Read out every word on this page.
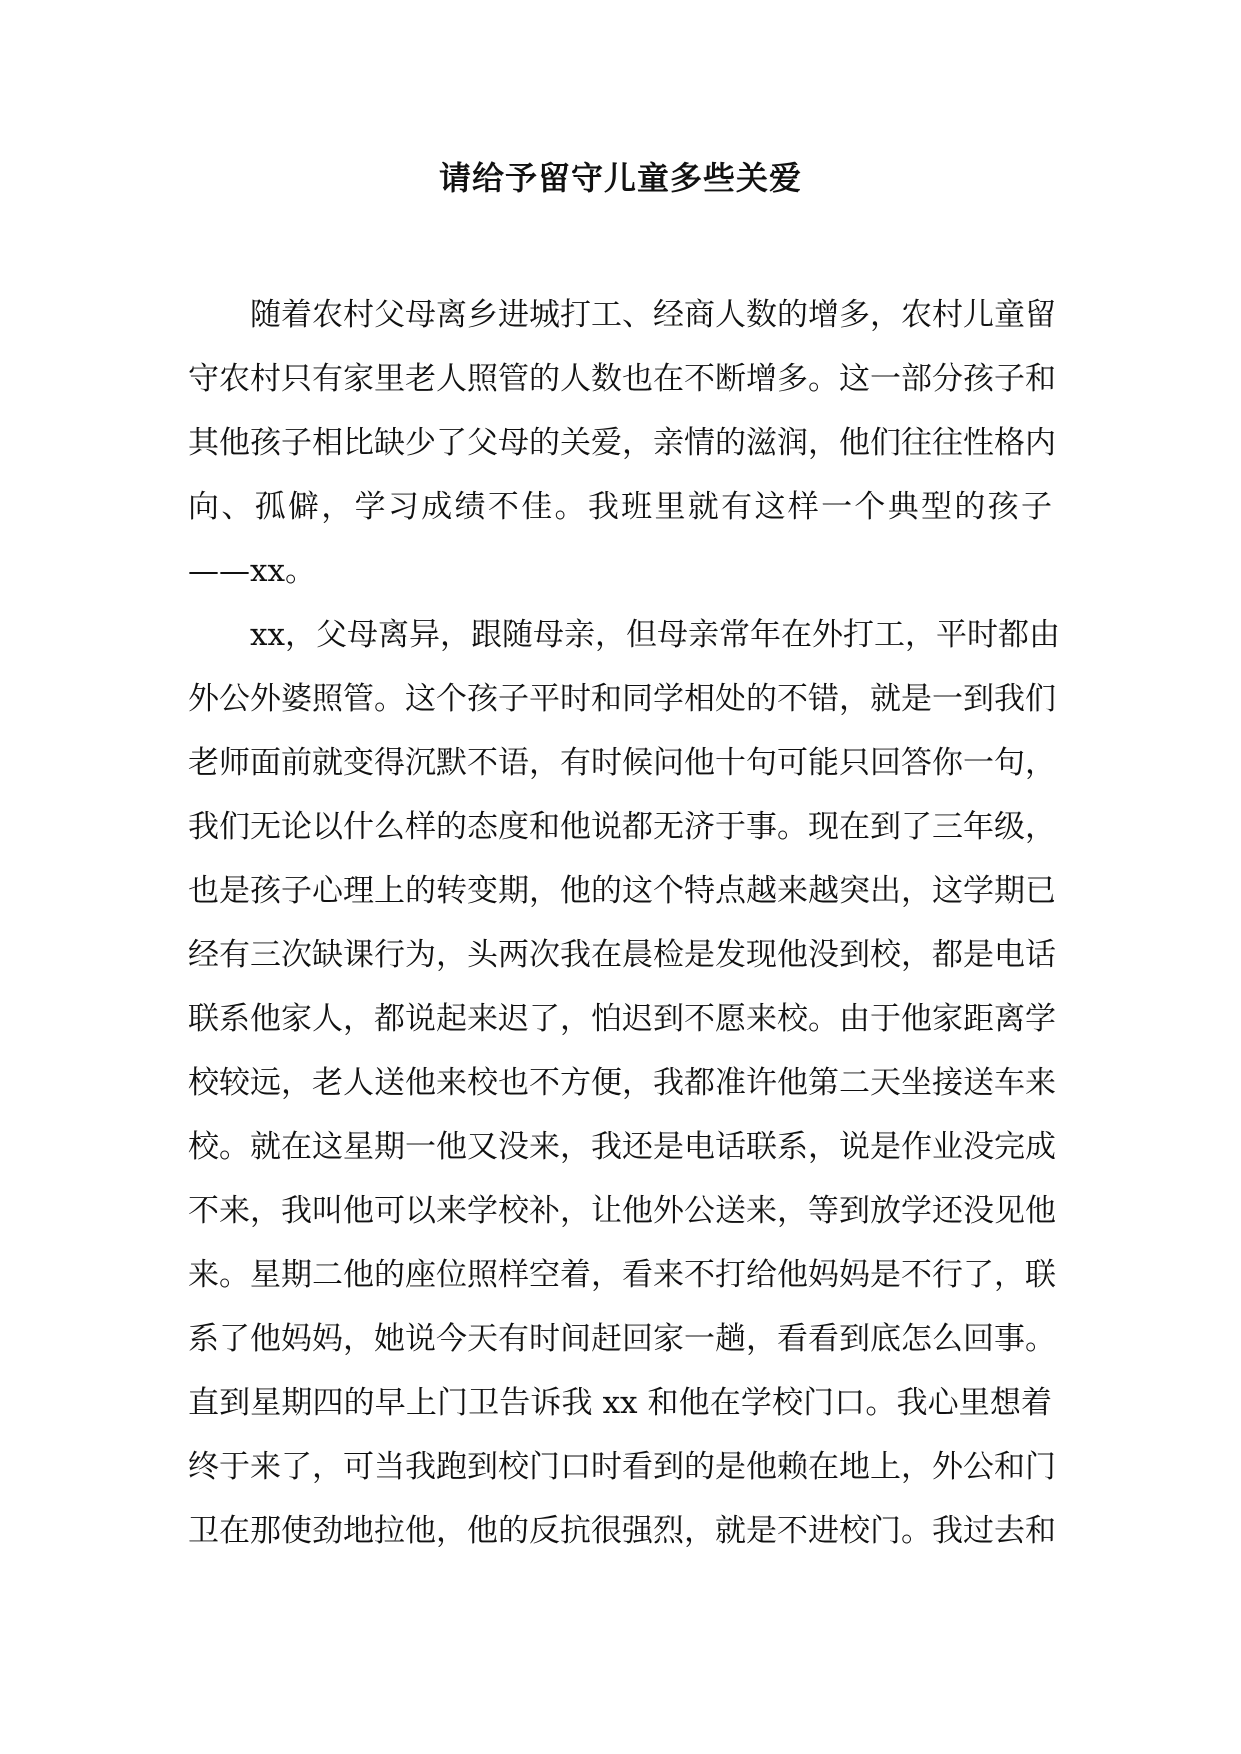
请给予留守儿童多些关爱
随着农村父母离乡进城打工、经商人数的增多，农村儿童留
守农村只有家里老人照管的人数也在不断增多。这一部分孩子和
其他孩子相比缺少了父母的关爱，亲情的滋润，他们往往性格内
向、孤僻，学习成绩不佳。我班里就有这样一个典型的孩子
——xx。
xx，父母离异，跟随母亲，但母亲常年在外打工，平时都由
外公外婆照管。这个孩子平时和同学相处的不错，就是一到我们
老师面前就变得沉默不语，有时候问他十句可能只回答你一句，
我们无论以什么样的态度和他说都无济于事。现在到了三年级，
也是孩子心理上的转变期，他的这个特点越来越突出，这学期已
经有三次缺课行为，头两次我在晨检是发现他没到校，都是电话
联系他家人，都说起来迟了，怕迟到不愿来校。由于他家距离学
校较远，老人送他来校也不方便，我都准许他第二天坐接送车来
校。就在这星期一他又没来，我还是电话联系，说是作业没完成
不来，我叫他可以来学校补，让他外公送来，等到放学还没见他
来。星期二他的座位照样空着，看来不打给他妈妈是不行了，联
系了他妈妈，她说今天有时间赶回家一趟，看看到底怎么回事。
直到星期四的早上门卫告诉我 xx 和他在学校门口。我心里想着
终于来了，可当我跑到校门口时看到的是他赖在地上，外公和门
卫在那使劲地拉他，他的反抗很强烈，就是不进校门。我过去和
